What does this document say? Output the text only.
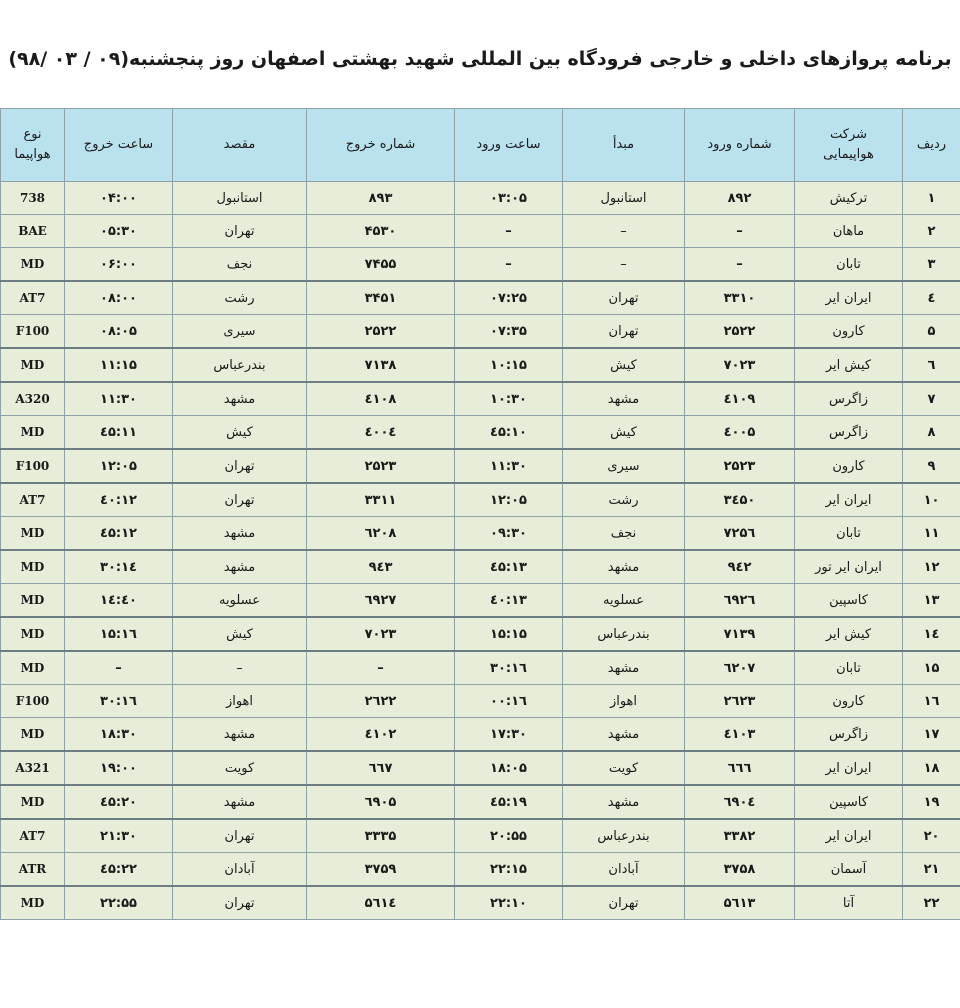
برنامه پروازهای داخلی و خارجی فرودگاه بین المللی شهید بهشتی اصفهان روز پنجشنبه(۰۹ / ۰۳ /۹۸)
ردیف	شرکت هواپیمایی	شماره ورود	مبدأ	ساعت ورود	شماره خروج	مقصد	ساعت خروج	نوع هواپیما
۱	ترکیش	۸۹۲	استانبول	۰۳:۰۵	۸۹۳	استانبول	۰۴:۰۰	738
۲	ماهان	–	–	–	۴۵۳۰	تهران	۰۵:۳۰	BAE
۳	تابان	–	–	–	۷۴۵۵	نجف	۰۶:۰۰	MD
٤	ایران ایر	۳۳۱۰	تهران	۰۷:۲۵	۳۴۵۱	رشت	۰۸:۰۰	AT7
۵	کارون	۲۵۲۲	تهران	۰۷:۳۵	۲۵۲۲	سیری	۰۸:۰۵	F100
٦	کیش ایر	۷۰۲۳	کیش	۱۰:۱۵	۷۱۳۸	بندرعباس	۱۱:۱۵	MD
۷	زاگرس	٤۱۰۹	مشهد	۱۰:۳۰	٤۱۰۸	مشهد	۱۱:۳۰	A320
۸	زاگرس	٤۰۰۵	کیش	۱۰:٤۵	٤۰۰٤	کیش	۱۱:٤۵	MD
۹	کارون	۲۵۲۳	سیری	۱۱:۳۰	۲۵۲۳	تهران	۱۲:۰۵	F100
۱۰	ایران ایر	۳٤۵۰	رشت	۱۲:۰۵	۳۳۱۱	تهران	۱۲:٤۰	AT7
۱۱	تابان	۷۲۵٦	نجف	۰۹:۳۰	٦۲۰۸	مشهد	۱۲:٤۵	MD
۱۲	ایران ایر تور	۹٤۲	مشهد	۱۳:٤۵	۹٤۳	مشهد	۱٤:۳۰	MD
۱۳	کاسپین	٦۹۲٦	عسلویه	۱۳:٤۰	٦۹۲۷	عسلویه	۱٤:٤۰	MD
۱٤	کیش ایر	۷۱۳۹	بندرعباس	۱۵:۱۵	۷۰۲۳	کیش	۱٦:۱۵	MD
۱۵	تابان	٦۲۰۷	مشهد	۱٦:۳۰	–	–	–	MD
۱٦	کارون	۲٦۲۳	اهواز	۱٦:۰۰	۲٦۲۲	اهواز	۱٦:۳۰	F100
۱۷	زاگرس	٤۱۰۳	مشهد	۱۷:۳۰	٤۱۰۲	مشهد	۱۸:۳۰	MD
۱۸	ایران ایر	٦٦٦	کویت	۱۸:۰۵	٦٦۷	کویت	۱۹:۰۰	A321
۱۹	کاسپین	٦۹۰٤	مشهد	۱۹:٤۵	٦۹۰۵	مشهد	۲۰:٤۵	MD
۲۰	ایران ایر	۳۳۸۲	بندرعباس	۲۰:۵۵	۳۳۳۵	تهران	۲۱:۳۰	AT7
۲۱	آسمان	۳۷۵۸	آبادان	۲۲:۱۵	۳۷۵۹	آبادان	۲۲:٤۵	ATR
۲۲	آتا	۵٦۱۳	تهران	۲۲:۱۰	۵٦۱٤	تهران	۲۲:۵۵	MD
